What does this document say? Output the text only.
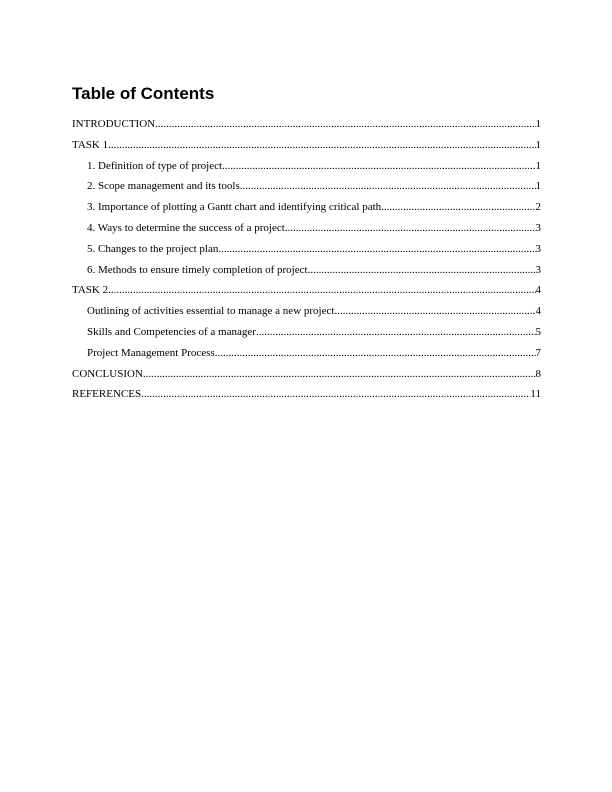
Table of Contents
INTRODUCTION .....	1
TASK 1 .....	1
1. Definition of type of project .....	1
2. Scope management and its tools .....	1
3. Importance of plotting a Gantt chart and identifying critical path .....	2
4. Ways to determine the success of a project .....	3
5. Changes to the project plan .....	3
6. Methods to ensure timely completion of project .....	3
TASK 2 .....	4
Outlining of activities essential to manage a new project .....	4
Skills and Competencies of a manager .....	5
Project Management Process .....	7
CONCLUSION .....	8
REFERENCES .....	11
